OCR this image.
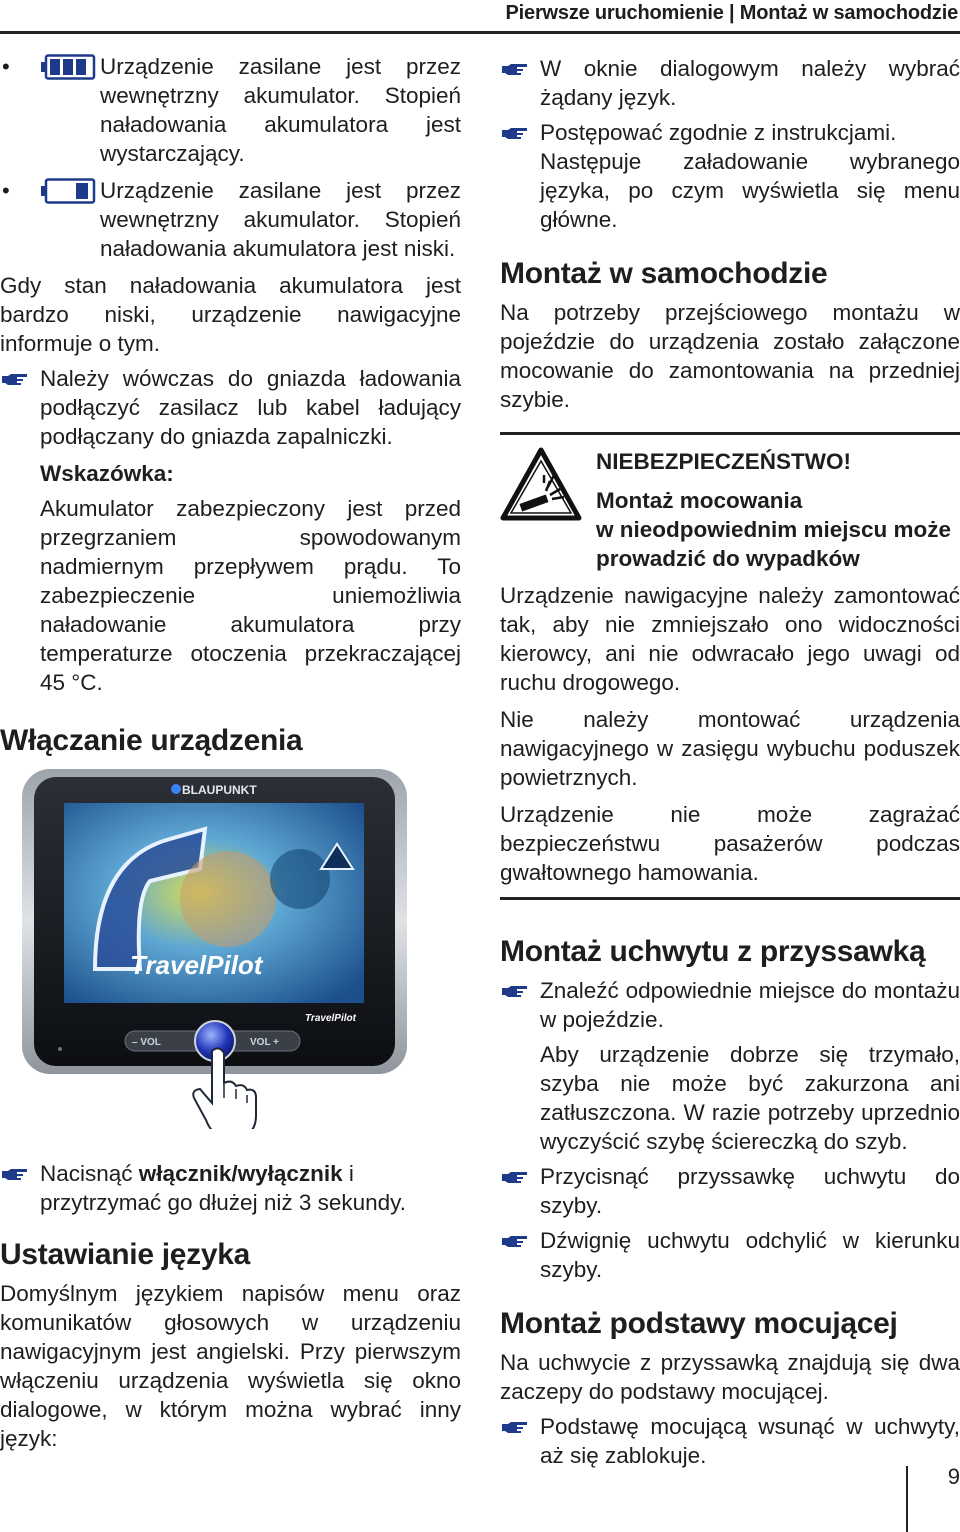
Pierwsze uruchomienie | Montaż w samochodzie
•	Urządzenie zasilane jest przez wewnętrzny akumulator. Stopień naładowania akumulatora jest wystarczający.
•	Urządzenie zasilane jest przez wewnętrzny akumulator. Stopień naładowania akumulatora jest niski.

Gdy stan naładowania akumulatora jest bardzo niski, urządzenie nawigacyjne informuje o tym.

Należy wówczas do gniazda ładowania podłączyć zasilacz lub kabel ładujący podłączany do gniazda zapalniczki.
Wskazówka:

Akumulator zabezpieczony jest przed przegrzaniem spowodowanym nadmiernym przepływem prądu. To zabezpieczenie uniemożliwia naładowanie akumulatora przy temperaturze otoczenia przekraczającej 45 °C.

Włączanie urządzenia
BLAUPUNKT
TravelPilot
TravelPilot
– VOL	VOL +
Nacisnąć włącznik/wyłącznik i przytrzymać go dłużej niż 3 sekundy.
Ustawianie języka

Domyślnym językiem napisów menu oraz komunikatów głosowych w urządzeniu nawigacyjnym jest angielski. Przy pierwszym włączeniu urządzenia wyświetla się okno dialogowe, w którym można wybrać inny język:

W oknie dialogowym należy wybrać żądany język.
Postępować zgodnie z instrukcjami.

Następuje załadowanie wybranego języka, po czym wyświetla się menu główne.

Montaż w samochodzie

Na potrzeby przejściowego montażu w pojeździe do urządzenia zostało załączone mocowanie do zamontowania na przedniej szybie.

NIEBEZPIECZEŃSTWO!
Montaż mocowania
w nieodpowiednim miejscu może
prowadzić do wypadków

Urządzenie nawigacyjne należy zamontować tak, aby nie zmniejszało ono widoczności kierowcy, ani nie odwracało jego uwagi od ruchu drogowego.

Nie należy montować urządzenia nawigacyjnego w zasięgu wybuchu poduszek powietrznych.

Urządzenie nie może zagrażać bezpieczeństwu pasażerów podczas gwałtownego hamowania.

Montaż uchwytu z przyssawką
Znaleźć odpowiednie miejsce do montażu w pojeździe.

Aby urządzenie dobrze się trzymało, szyba nie może być zakurzona ani zatłuszczona. W razie potrzeby uprzednio wyczyścić szybę ściereczką do szyb.

Przycisnąć przyssawkę uchwytu do szyby.
Dźwignię uchwytu odchylić w kierunku szyby.
Montaż podstawy mocującej

Na uchwycie z przyssawką znajdują się dwa zaczepy do podstawy mocującej.

Podstawę mocującą wsunąć w uchwyty, aż się zablokuje.
9
